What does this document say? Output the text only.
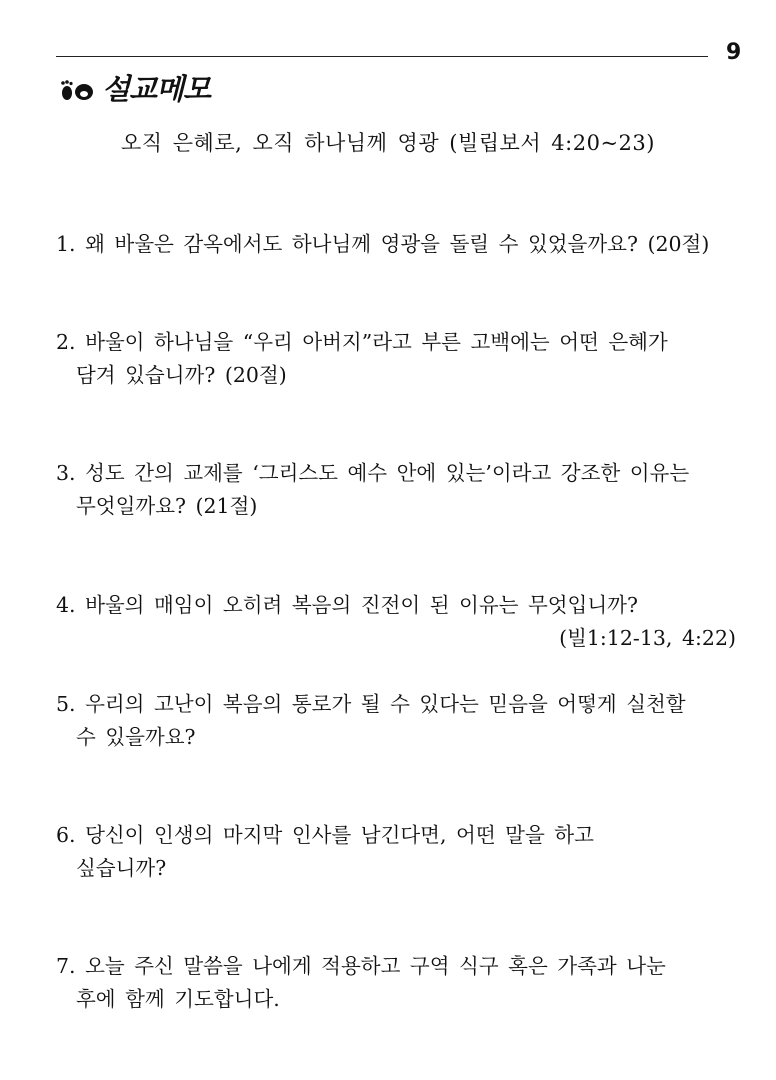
9
설교메모
오직 은혜로, 오직 하나님께 영광 (빌립보서 4:20~23)
1. 왜 바울은 감옥에서도 하나님께 영광을 돌릴 수 있었을까요? (20절)
2. 바울이 하나님을 “우리 아버지”라고 부른 고백에는 어떤 은혜가
담겨 있습니까? (20절)
3. 성도 간의 교제를 ‘그리스도 예수 안에 있는’이라고 강조한 이유는
무엇일까요? (21절)
4. 바울의 매임이 오히려 복음의 진전이 된 이유는 무엇입니까?
(빌1:12-13, 4:22)
5. 우리의 고난이 복음의 통로가 될 수 있다는 믿음을 어떻게 실천할
수 있을까요?
6. 당신이 인생의 마지막 인사를 남긴다면, 어떤 말을 하고
싶습니까?
7. 오늘 주신 말씀을 나에게 적용하고 구역 식구 혹은 가족과 나눈
후에 함께 기도합니다.
